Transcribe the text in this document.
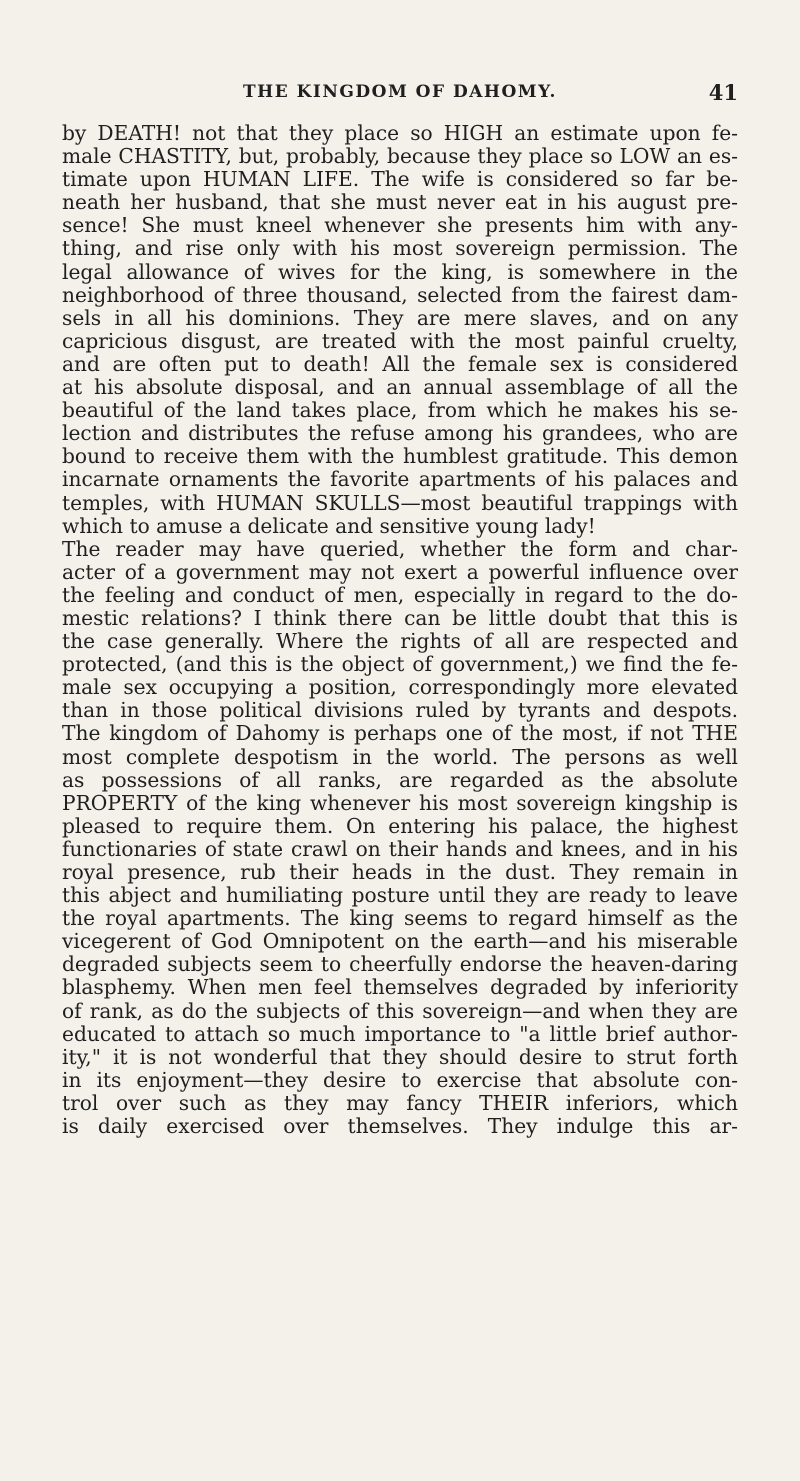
THE KINGDOM OF DAHOMY.	41
by DEATH! not that they place so HIGH an estimate upon fe-
male CHASTITY, but, probably, because they place so LOW an es-
timate upon HUMAN LIFE. The wife is considered so far be-
neath her husband, that she must never eat in his august pre-
sence! She must kneel whenever she presents him with any-
thing, and rise only with his most sovereign permission. The
legal allowance of wives for the king, is somewhere in the
neighborhood of three thousand, selected from the fairest dam-
sels in all his dominions. They are mere slaves, and on any
capricious disgust, are treated with the most painful cruelty,
and are often put to death! All the female sex is considered
at his absolute disposal, and an annual assemblage of all the
beautiful of the land takes place, from which he makes his se-
lection and distributes the refuse among his grandees, who are
bound to receive them with the humblest gratitude. This demon
incarnate ornaments the favorite apartments of his palaces and
temples, with HUMAN SKULLS—most beautiful trappings with
which to amuse a delicate and sensitive young lady!
The reader may have queried, whether the form and char-
acter of a government may not exert a powerful influence over
the feeling and conduct of men, especially in regard to the do-
mestic relations? I think there can be little doubt that this is
the case generally. Where the rights of all are respected and
protected, (and this is the object of government,) we find the fe-
male sex occupying a position, correspondingly more elevated
than in those political divisions ruled by tyrants and despots.
The kingdom of Dahomy is perhaps one of the most, if not THE
most complete despotism in the world. The persons as well
as possessions of all ranks, are regarded as the absolute
PROPERTY of the king whenever his most sovereign kingship is
pleased to require them. On entering his palace, the highest
functionaries of state crawl on their hands and knees, and in his
royal presence, rub their heads in the dust. They remain in
this abject and humiliating posture until they are ready to leave
the royal apartments. The king seems to regard himself as the
vicegerent of God Omnipotent on the earth—and his miserable
degraded subjects seem to cheerfully endorse the heaven-daring
blasphemy. When men feel themselves degraded by inferiority
of rank, as do the subjects of this sovereign—and when they are
educated to attach so much importance to "a little brief author-
ity," it is not wonderful that they should desire to strut forth
in its enjoyment—they desire to exercise that absolute con-
trol over such as they may fancy THEIR inferiors, which
is daily exercised over themselves. They indulge this ar-
